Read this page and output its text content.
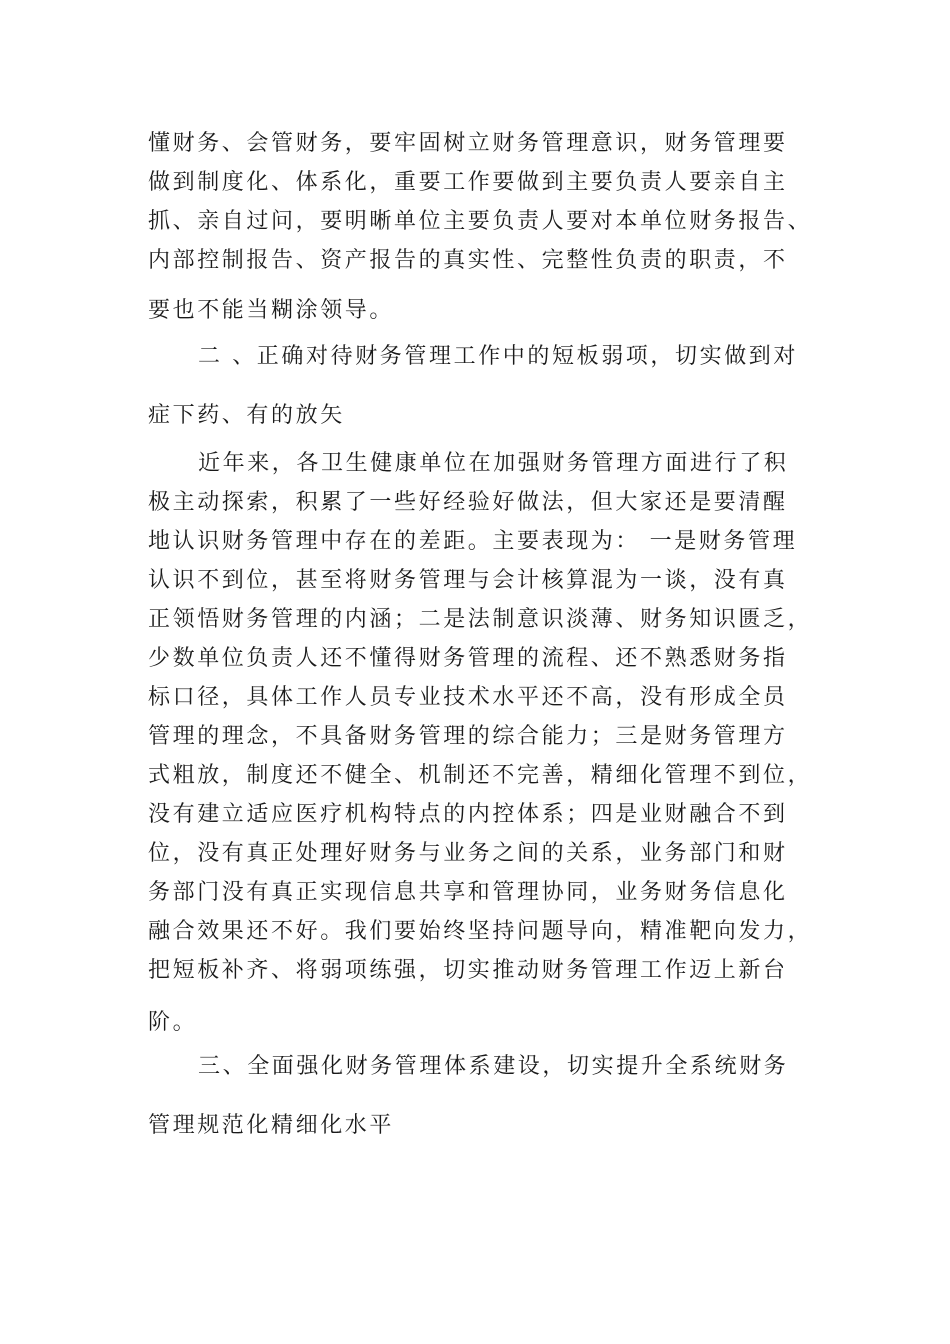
懂财务、会管财务，要牢固树立财务管理意识，财务管理要

做到制度化、体系化，重要工作要做到主要负责人要亲自主

抓、亲自过问，要明晰单位主要负责人要对本单位财务报告、

内部控制报告、资产报告的真实性、完整性负责的职责，不

要也不能当糊涂领导。

二 、正确对待财务管理工作中的短板弱项，切实做到对

症下药、有的放矢

近年来，各卫生健康单位在加强财务管理方面进行了积

极主动探索，积累了一些好经验好做法，但大家还是要清醒

地认识财务管理中存在的差距。主要表现为： 一是财务管理

认识不到位，甚至将财务管理与会计核算混为一谈，没有真

正领悟财务管理的内涵；二是法制意识淡薄、财务知识匮乏，

少数单位负责人还不懂得财务管理的流程、还不熟悉财务指

标口径，具体工作人员专业技术水平还不高，没有形成全员

管理的理念，不具备财务管理的综合能力；三是财务管理方

式粗放，制度还不健全、机制还不完善，精细化管理不到位，

没有建立适应医疗机构特点的内控体系；四是业财融合不到

位，没有真正处理好财务与业务之间的关系，业务部门和财

务部门没有真正实现信息共享和管理协同，业务财务信息化

融合效果还不好。我们要始终坚持问题导向，精准靶向发力，

把短板补齐、将弱项练强，切实推动财务管理工作迈上新台

阶。

三、全面强化财务管理体系建设，切实提升全系统财务

管理规范化精细化水平
